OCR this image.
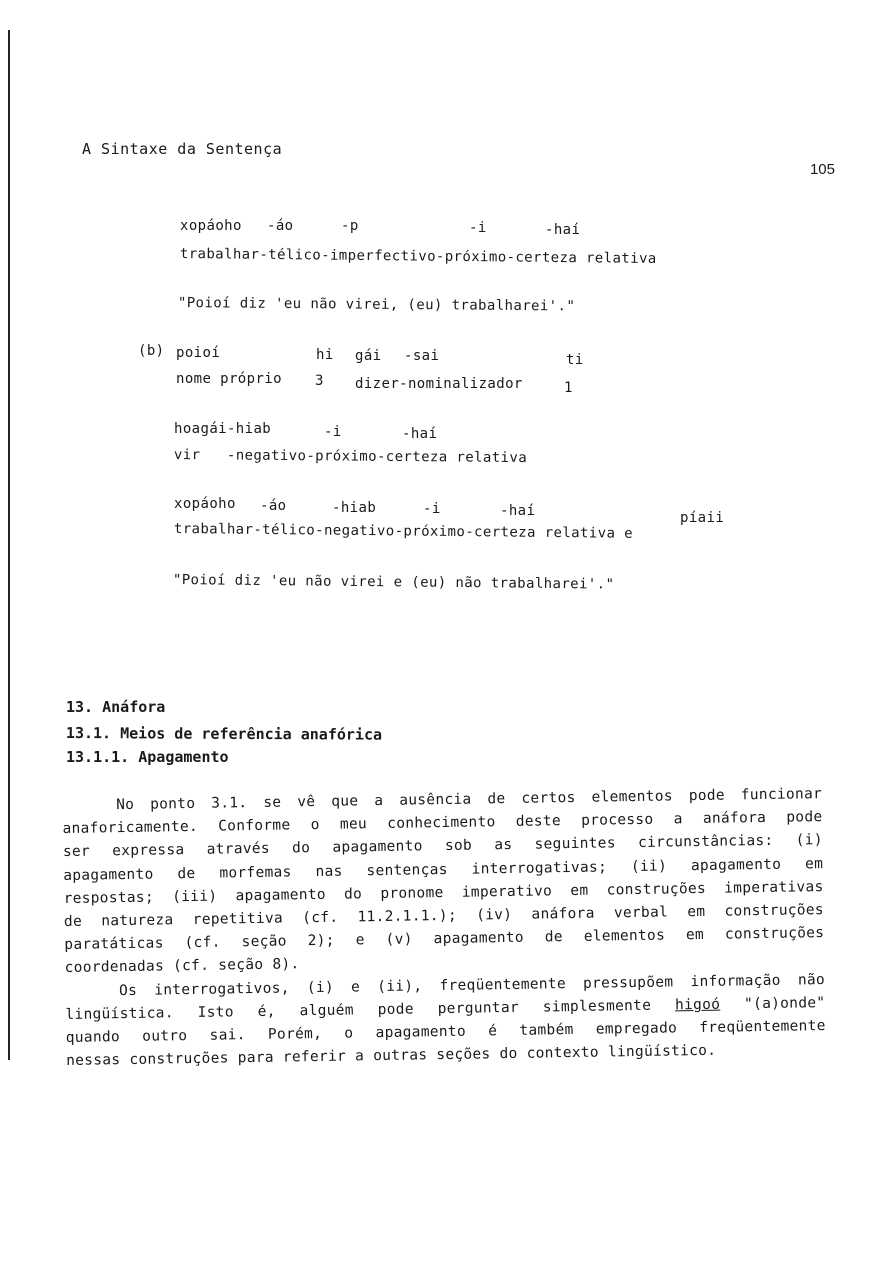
A Sintaxe da Sentença
105
xopáoho -áo	-p	-i	-haí
trabalhar-télico-imperfectivo-próximo-certeza relativa
"Poioí diz 'eu não virei, (eu) trabalharei'."
(b) poioí	hi gái -sai	ti
nome próprio 3 dizer-nominalizador	1
hoagái-hiab	-i	-haí
vir   -negativo-próximo-certeza relativa
xopáoho -áo	-hiab	-i	-haí	píaii
trabalhar-télico-negativo-próximo-certeza relativa e
"Poioí diz 'eu não virei e (eu) não trabalharei'."
13. Anáfora
13.1. Meios de referência anafórica
13.1.1. Apagamento
No ponto 3.1. se vê que a ausência de certos elementos pode funcionar
anaforicamente. Conforme o meu conhecimento deste processo a anáfora pode
ser expressa através do apagamento sob as seguintes circunstâncias: (i)
apagamento de morfemas nas sentenças interrogativas; (ii) apagamento em
respostas; (iii) apagamento do pronome imperativo em construções imperativas
de natureza repetitiva (cf. 11.2.1.1.); (iv) anáfora verbal em construções
paratáticas (cf. seção 2); e (v) apagamento de elementos em construções
coordenadas (cf. seção 8).
Os interrogativos, (i) e (ii), freqüentemente pressupõem informação não
lingüística. Isto é, alguém pode perguntar simplesmente higoó "(a)onde"
quando outro sai. Porém, o apagamento é também empregado freqüentemente
nessas construções para referir a outras seções do contexto lingüístico.
